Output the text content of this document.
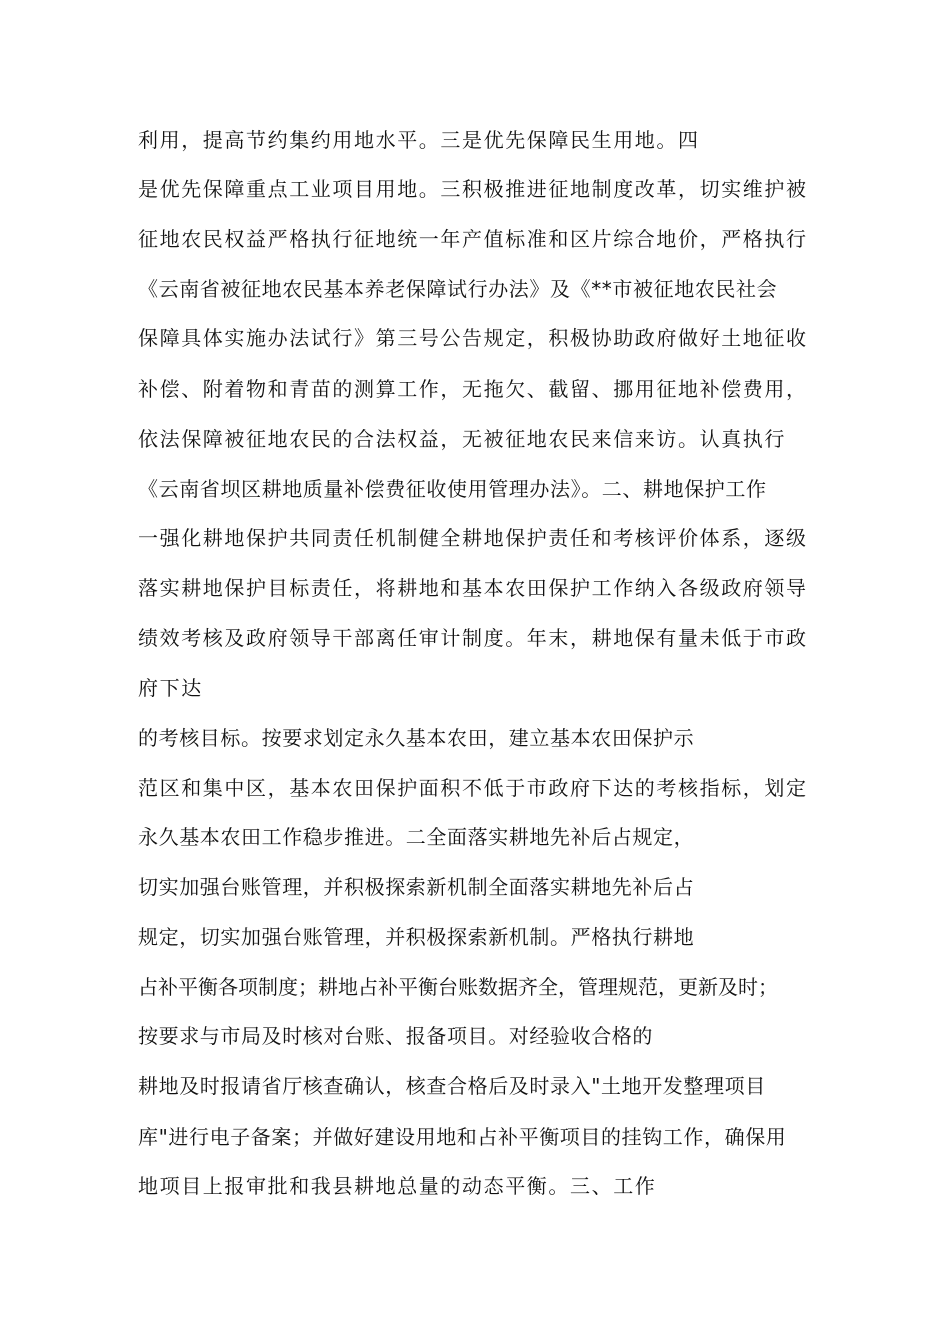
利用，提高节约集约用地水平。三是优先保障民生用地。四

是优先保障重点工业项目用地。三积极推进征地制度改革，切实维护被

征地农民权益严格执行征地统一年产值标准和区片综合地价，严格执行

《云南省被征地农民基本养老保障试行办法》及《**市被征地农民社会

保障具体实施办法试行》第三号公告规定，积极协助政府做好土地征收

补偿、附着物和青苗的测算工作，无拖欠、截留、挪用征地补偿费用，

依法保障被征地农民的合法权益，无被征地农民来信来访。认真执行

《云南省坝区耕地质量补偿费征收使用管理办法》。二、耕地保护工作

一强化耕地保护共同责任机制健全耕地保护责任和考核评价体系，逐级

落实耕地保护目标责任，将耕地和基本农田保护工作纳入各级政府领导

绩效考核及政府领导干部离任审计制度。年末，耕地保有量未低于市政

府下达

的考核目标。按要求划定永久基本农田，建立基本农田保护示

范区和集中区，基本农田保护面积不低于市政府下达的考核指标，划定

永久基本农田工作稳步推进。二全面落实耕地先补后占规定，

切实加强台账管理，并积极探索新机制全面落实耕地先补后占

规定，切实加强台账管理，并积极探索新机制。严格执行耕地

占补平衡各项制度；耕地占补平衡台账数据齐全，管理规范，更新及时；

按要求与市局及时核对台账、报备项目。对经验收合格的

耕地及时报请省厅核查确认，核查合格后及时录入"土地开发整理项目

库"进行电子备案；并做好建设用地和占补平衡项目的挂钩工作，确保用

地项目上报审批和我县耕地总量的动态平衡。三、工作
